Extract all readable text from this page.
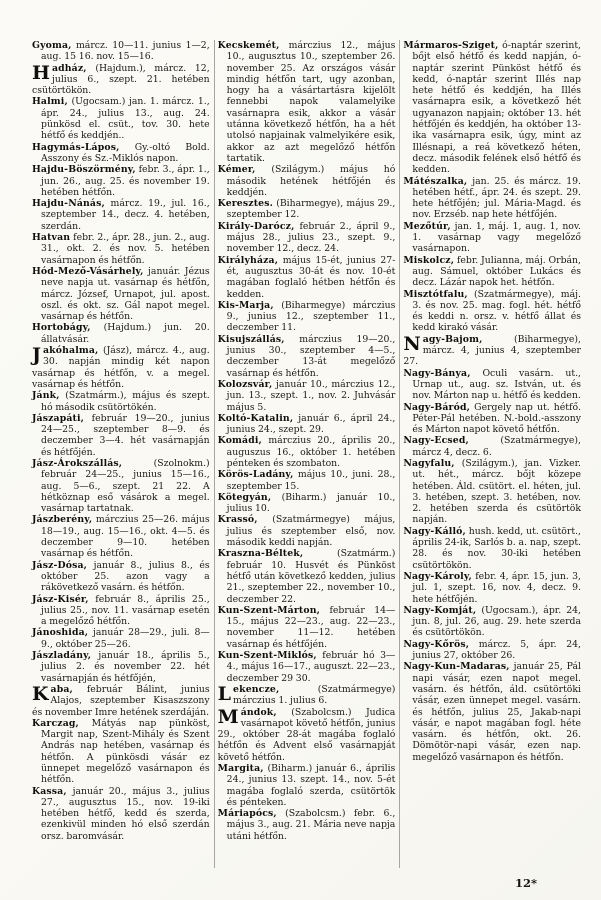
Gyoma, márcz. 10—11. junius 1—2, aug. 15 16. nov. 15—16.

Hadház, (Hajdum.), márcz. 12, julius 6., szept. 21. hetében csütörtökön.

Halmi, (Ugocsam.) jan. 1. márcz. 1., ápr. 24., julius 13., aug. 24. pünkösd el. csüt., tov. 30. hete hétfő és keddjén..

Hagymás-Lápos, Gy.-oltó Bold. Asszony és Sz.-Miklós napon.

Hajdu-Böszörmény, febr. 3., ápr. 1., jun. 26., aug. 25. és november 19. hetében hétfőn.

Hajdu-Nánás, márcz. 19., jul. 16., szeptember 14., decz. 4. hetében, szerdán.

Hatvan febr. 2., ápr. 28., jun. 2., aug. 31., okt. 2. és nov. 5. hetében vasárnapon és hétfőn.

Hód-Mező-Vásárhely, január. Jézus neve napja ut. vasárnap és hétfőn, márcz. József, Urnapot, jul. apost. oszl. és okt. sz. Gál napot megel. vasárnap és hétfőn.

Hortobágy, (Hajdum.) jun. 20. állatvásár.

Jakóhalma, (Jász), márcz. 4., aug. 30. napján mindig két napon vasárnap és hétfőn, v. a megel. vasárnap és hétfőn.

Jánk, (Szatmárm.), május és szept. hó második csütörtökén.

Jászapáti, február 19—20., junius 24—25., szeptember 8—9. és deczember 3—4. hét vasárnapján és hétfőjén.

Jász-Árokszállás,	(Szolnokm.) február 24—25., junius 15—16., aug. 5—6., szept. 21 22. A hétköznap eső vásárok a megel. vasárnap tartatnak.

Jászberény, márczius 25—26. május 18—19., aug. 15—16., okt. 4—5. és deczember 9—10. hetében vasárnap és hétfőn.

Jász-Dósa, január 8., julius 8., és október 25. azon vagy a rákövetkező vasárn. és hétfőn.

Jász-Kisér, február 8., április 25., julius 25., nov. 11. vasárnap esetén a megelőző hétfőn.

Jánoshida, január 28—29., juli. 8—9., október 25—26.

Jászladány, január 18., április 5., julius 2. és november 22. hét vasárnapján és hétfőjén,

Kaba, február Bálint, junius Alajos, szeptember Kisaszszony és november Imre hetének szerdáján.

Karczag, Mátyás nap pünköst, Margit nap, Szent-Mihály és Szent András nap hetében, vasárnap és hétfőn. A pünkösdi vásár ez ünnepet megelőző vasárnapon és hétfőn.

Kassa, január 20., május 3., julius 27., augusztus 15., nov. 19-iki hetében hétfő, kedd és szerda, ezenkivül minden hó első szerdán orsz. baromvásár.

Kecskemét, márczius 12., május 10., augusztus 10., szeptember 26. november 25. Az országos vásár mindig hétfőn tart, ugy azonban, hogy ha a vásártartásra kijelölt fennebbi napok valamelyike vasárnapra esik, akkor a vásár utánna következő hétfőn, ha a hét utolsó napjainak valmelyikére esik, akkor az azt megelőző hétfőn tartatik.

Kémer, (Szilágym.) május hó második hetének hétfőjén és keddjén.

Keresztes. (Biharmegye), május 29., szeptember 12.

Király-Darócz, február 2., ápril 9., május 28., julius 23., szept. 9., november 12., decz. 24.

Királyháza, május 15-ét, junius 27-ét, augusztus 30-át és nov. 10-ét magában foglaló hétben hétfőn és kedden.

Kis-Marja, (Biharmegye) márczius 9., junius 12., szeptember 11., deczember 11.

Kisujszállás, márczius 19—20., junius 30., szeptember 4—5., deczember 13-át megelőző vasárnap és hétfőn.

Kolozsvár, január 10., márczius 12., jun. 13., szept. 1., nov. 2. Juhvásár május 5.

Koltó-Katalin, január 6., ápril 24., junius 24., szept. 29.

Komádi, márczius 20., április 20., auguszus 16., október 1. hetében pénteken és szombaton.

Körös-Ladány, május 10., juni. 28., szeptember 15.

Kötegyán, (Biharm.) január 10., julius 10.

Krassó, (Szatmármegye) május, julius és szeptember első, nov. második keddi napján.

Kraszna-Béltek,	(Szatmárm.) február 10. Husvét és Pünköst hétfő után következő kedden, julius 21., szeptember 22., november 10., deczember 22.

Kun-Szent-Márton, február 14—15., május 22—23., aug. 22—23., november 11—12. hetében vasárnap és hétfőjén.

Kun-Szent-Miklós, február hó 3—4., május 16—17., auguszt. 22—23., deczember 29 30.

Lekencze,	(Szatmármegye) márczius 1. julius 6.

Mándok, (Szabolcsm.) Judica vasárnapot követő hétfőn, junius 29., október 28-át magába foglaló hétfőn és Advent első vasárnapját követő hétfőn.

Margita, (Biharm.) január 6., április 24., junius 13. szept. 14., nov. 5-ét magába foglaló szerda, csütörtök és pénteken.

Máriapócs, (Szabolcsm.) febr. 6., május 3., aug. 21. Mária neve napja utáni hétfőn.

Mármaros-Sziget, ó-naptár szerint, bőjt első hétfő és kedd napján, ó-naptár szerint Pünköst hétfő és kedd, ó-naptár szerint Illés nap hete hétfő és keddjén, ha Illés vasárnapra esik, a következő hét ugyanazon napjain; október 13. hét hétfőjén és keddjén, ha október 13-ika vasárnapra esik, úgy, mint az Illésnapi, a reá következő héten, decz. második felének első hétfő és kedden.

Mátészalka, jan. 25. és márcz. 19. hetében hétf., ápr. 24. és szept. 29. hete hétfőjén; jul. Mária-Magd. és nov. Erzséb. nap hete hétfőjén.

Mezőtúr, jan. 1, máj. 1, aug. 1, nov. 1. vasárnap vagy megelőző vasárnapon.

Miskolcz, febr. Julianna, máj. Orbán, aug. Sámuel, október Lukács és decz. Lázár napok het. hétfőn.

Misztótfalu, (Szatmármegye), máj. 3. és nov. 25. mag. fogl. hét. hétfő és keddi n. orsz. v. hétfő állat és kedd kirakó vásár.

Nagy-Bajom,	(Biharmegye), márcz. 4, junius 4, szeptember 27.

Nagy-Bánya, Oculi vasárn. ut., Urnap ut., aug. sz. István, ut. és nov. Márton nap u. hétfő és kedden.

Nagy-Báród, Gergely nap ut. hétfő. Péter-Pál hetében. N.-bold.-asszony és Márton napot követő hétfőn.

Nagy-Ecsed,	(Szatmármegye), márcz 4, decz. 6.

Nagyfalu, (Szilágym.), jan. Vizker. ut. hét., márcz. bőjt közepe hetében. Áld. csütört. el. héten, jul. 3. hetében, szept. 3. hetében, nov. 2. hetében szerda és csütörtök napján.

Nagy-Kálló, hush. kedd, ut. csütört., április 24-ik, Sarlós b. a. nap, szept. 28. és nov. 30-iki hetében csütörtökön.

Nagy-Károly, febr. 4, ápr. 15, jun. 3, jul. 1, szept. 16, nov. 4, decz. 9. hete hétfőjén.

Nagy-Komját, (Ugocsam.), ápr. 24, jun. 8, jul. 26, aug. 29. hete szerda és csütörtökön.

Nagy-Kőrös, márcz. 5, ápr. 24, junius 27, október 26.

Nagy-Kun-Madaras, január 25, Pál napi vásár, ezen napot megel. vasárn. és hétfőn, áld. csütörtöki vásár, ezen ünnepet megel. vasárn. és hétfőn, julius 25, Jakab-napi vásár, e napot magában fogl. héte vasárn. és hétfőn, okt. 26. Dömötör-napi vásár, ezen nap. megelőző vasárnapon és hétfőn.

12*
